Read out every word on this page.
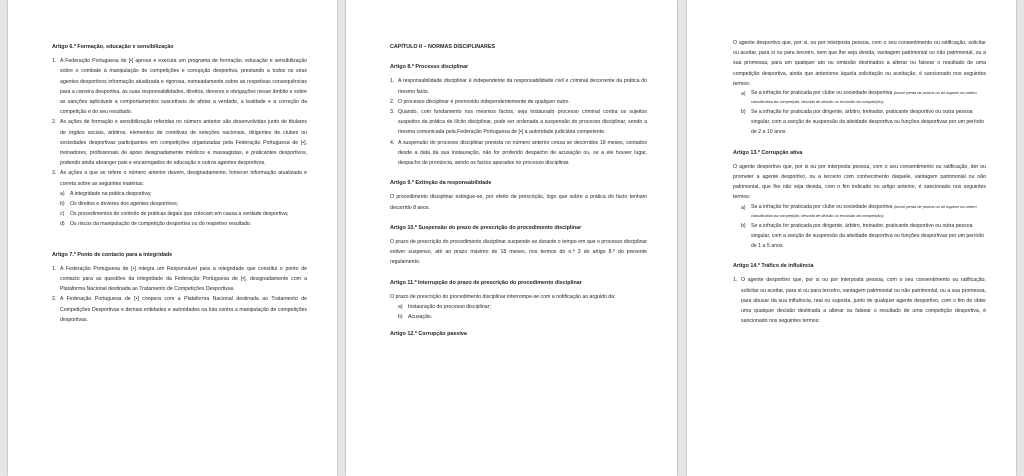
Artigo 6.º Formação, educação e sensibilização

1. A Federação Portuguesa de [•] aprova e executa um programa de formação, educação e sensibilização sobre o combate à manipulação de competições e corrupção desportiva, prestando a todos os seus agentes desportivos informação atualizada e rigorosa, nomeadamente sobre as respetivas consequências para a carreira desportiva, às suas responsabilidades, direitos, deveres e obrigações nesse âmbito e sobre as sanções aplicáveis a comportamentos suscetíveis de afetar a verdade, a lealdade e a correção da competição e do seu resultado.
2. As ações de formação e sensibilização referidas no número anterior são desenvolvidas junto de titulares de órgãos sociais, árbitros, elementos de comitivas de seleções nacionais, dirigentes de clubes ou sociedades desportivas participantes em competições organizadas pela Federação Portuguesa de [•], treinadores, profissionais de apoio designadamente médicos e massagistas, e praticantes desportivos, podendo ainda abranger pais e encarregados de educação e outros agentes desportivos.
3. As ações a que se refere o número anterior devem, designadamente, fornecer informação atualizada e correta sobre as seguintes matérias:
a)	A integridade na prática desportiva;
b)	Os direitos e deveres dos agentes desportivos;
c)	Os procedimentos de controlo de práticas ilegais que colocam em causa a verdade desportiva;
d)	Os riscos da manipulação de competição desportiva ou do respetivo resultado.

Artigo 7.º Ponto de contacto para a integridade

1. A Federação Portuguesa de [•] integra um Responsável para a integridade que constitui o ponto de contacto para as questões da integridade da Federação Portuguesa de [•], designadamente com a Plataforma Nacional destinada ao Tratamento de Competições Desportivas.
2. A Federação Portuguesa de [•] coopera com a Plataforma Nacional destinada ao Tratamento de Competições Desportivas e demais entidades e autoridades na luta contra a manipulação de competições desportivas.

CAPÍTULO II – NORMAS DISCIPLINARES

Artigo 8.º Processo disciplinar

1. A responsabilidade disciplinar é independente da responsabilidade civil e criminal decorrente da prática do mesmo facto.
2. O processo disciplinar é promovido independentemente de qualquer outro.
3. Quando, com fundamento nos mesmos factos, seja instaurado processo criminal contra os sujeitos suspeitos da prática de ilícito disciplinar, pode ser ordenada a suspensão do processo disciplinar, sendo a mesma comunicada pela Federação Portuguesa de [•] à autoridade judiciária competente.
4. A suspensão do processo disciplinar prevista no número anterior cessa se decorridos 18 meses, contados desde a data da sua instauração, não for proferido despacho de acusação ou, se a ele houver lugar, despacho de pronúncia, sendo os factos apurados no processo disciplinar.

Artigo 9.º Extinção da responsabilidade

O procedimento disciplinar extingue-se, por efeito de prescrição, logo que sobre a prática do facto tenham decorrido 8 anos.

Artigo 10.º Suspensão do prazo de prescrição do procedimento disciplinar

O prazo de prescrição do procedimento disciplinar suspende-se durante o tempo em que o processo disciplinar estiver suspenso, até ao prazo máximo de 18 meses, nos termos do n.º 3 do artigo 8.º do presente regulamento.

Artigo 11.º Interrupção do prazo de prescrição do procedimento disciplinar

O prazo de prescrição do procedimento disciplinar interrompe-se com a notificação ao arguido da:

a)	Instauração do processo disciplinar;
b)	Acusação.

Artigo 12.º Corrupção passiva

O agente desportivo que, por si, ou por interposta pessoa, com o seu consentimento ou ratificação, solicitar ou aceitar, para si ou para terceiro, sem que lhe seja devida, vantagem patrimonial ou não patrimonial, ou a sua promessa, para um qualquer ato ou omissão destinados a alterar ou falsear o resultado de uma competição desportiva, ainda que anteriores àquela solicitação ou aceitação, é sancionado nos seguintes termos:

a)	Se a infração for praticada por clube ou sociedade desportiva (incluir perda de pontos ou de lugares na ordem classificativa da competição; descida de divisão ou exclusão da competição);
b)	Se a infração for praticada por dirigente, árbitro, treinador, praticante desportivo ou outra pessoa singular, com a sanção de suspensão da atividade desportiva ou funções desportivas por um período de 2 a 10 anos.

Artigo 13.º Corrupção ativa

O agente desportivo que, por si ou por interposta pessoa, com o seu consentimento ou ratificação, der ou prometer a agente desportivo, ou a terceiro com conhecimento daquele, vantagem patrimonial ou não patrimonial, que lhe não seja devida, com o fim indicado no artigo anterior, é sancionado nos seguintes termos:

a)	Se a infração for praticada por clube ou sociedade desportiva (incluir perda de pontos ou de lugares na ordem classificativa da competição; descida de divisão ou exclusão da competição);
b)	Se a infração for praticada por dirigente, árbitro, treinador, praticante desportivo ou outra pessoa singular, com a sanção de suspensão da atividade desportiva ou funções desportivas por um período de 1 a 5 anos.

Artigo 14.º Tráfico de influência

1. O agente desportivo que, por si ou por interposta pessoa, com o seu consentimento ou ratificação, solicitar ou aceitar, para si ou para terceiro, vantagem patrimonial ou não patrimonial, ou a sua promessa, para abusar da sua influência, real ou suposta, junto de qualquer agente desportivo, com o fim de obter uma qualquer decisão destinada a alterar ou falsear o resultado de uma competição desportiva, é sancionado nos seguintes termos:
